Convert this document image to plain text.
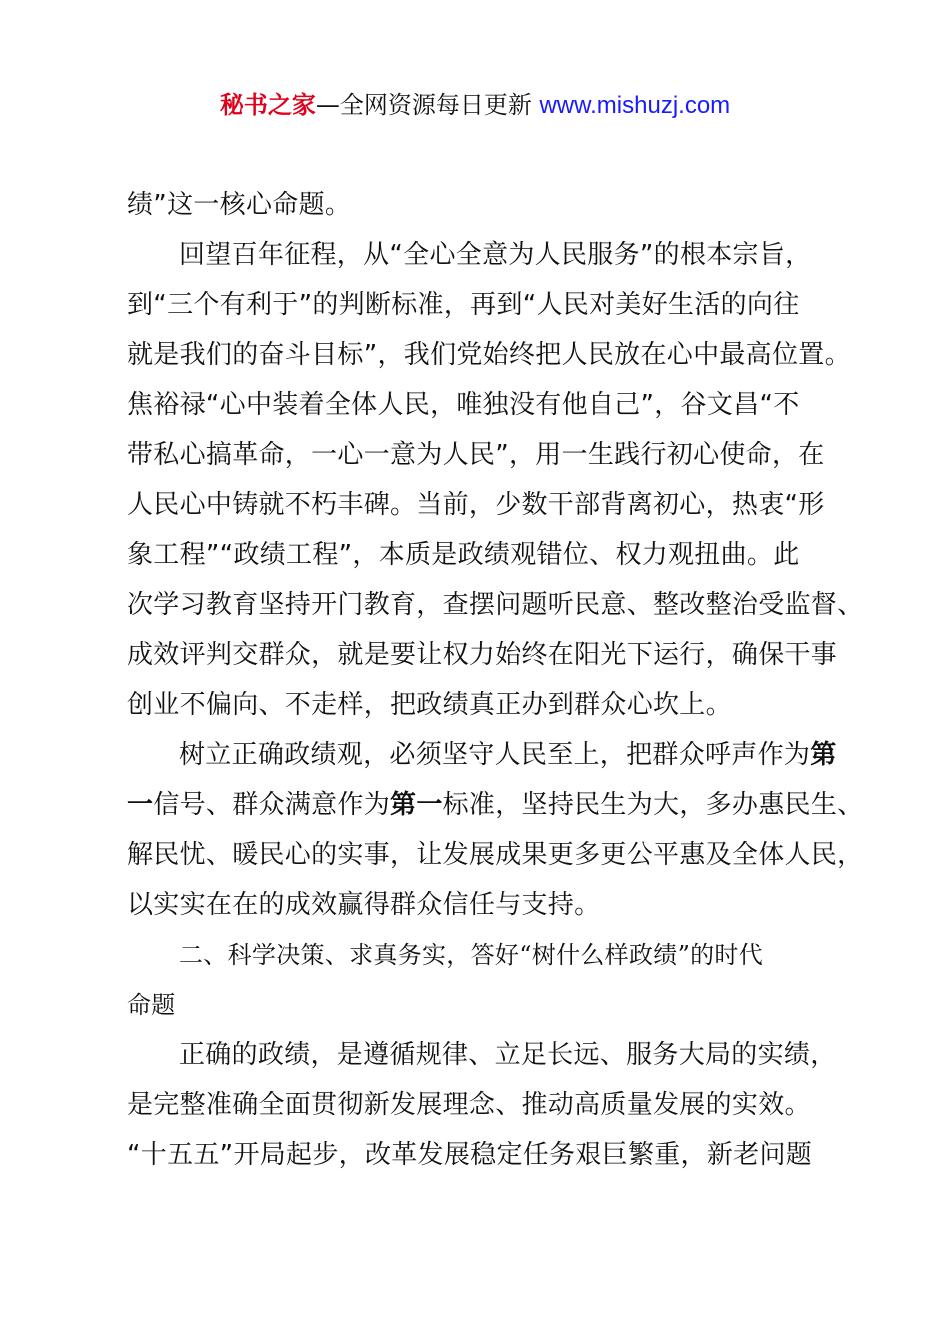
秘书之家—全网资源每日更新 www.mishuzj.com
绩”这一核心命题。
回望百年征程，从“全心全意为人民服务”的根本宗旨，
到“三个有利于”的判断标准，再到“人民对美好生活的向往
就是我们的奋斗目标”，我们党始终把人民放在心中最高位置。
焦裕禄“心中装着全体人民，唯独没有他自己”，谷文昌“不
带私心搞革命，一心一意为人民”，用一生践行初心使命，在
人民心中铸就不朽丰碑。当前，少数干部背离初心，热衷“形
象工程”“政绩工程”，本质是政绩观错位、权力观扭曲。此
次学习教育坚持开门教育，查摆问题听民意、整改整治受监督、
成效评判交群众，就是要让权力始终在阳光下运行，确保干事
创业不偏向、不走样，把政绩真正办到群众心坎上。
树立正确政绩观，必须坚守人民至上，把群众呼声作为第
一信号、群众满意作为第一标准，坚持民生为大，多办惠民生、
解民忧、暖民心的实事，让发展成果更多更公平惠及全体人民，
以实实在在的成效赢得群众信任与支持。
二、科学决策、求真务实，答好“树什么样政绩”的时代
命题
正确的政绩，是遵循规律、立足长远、服务大局的实绩，
是完整准确全面贯彻新发展理念、推动高质量发展的实效。
“十五五”开局起步，改革发展稳定任务艰巨繁重，新老问题
